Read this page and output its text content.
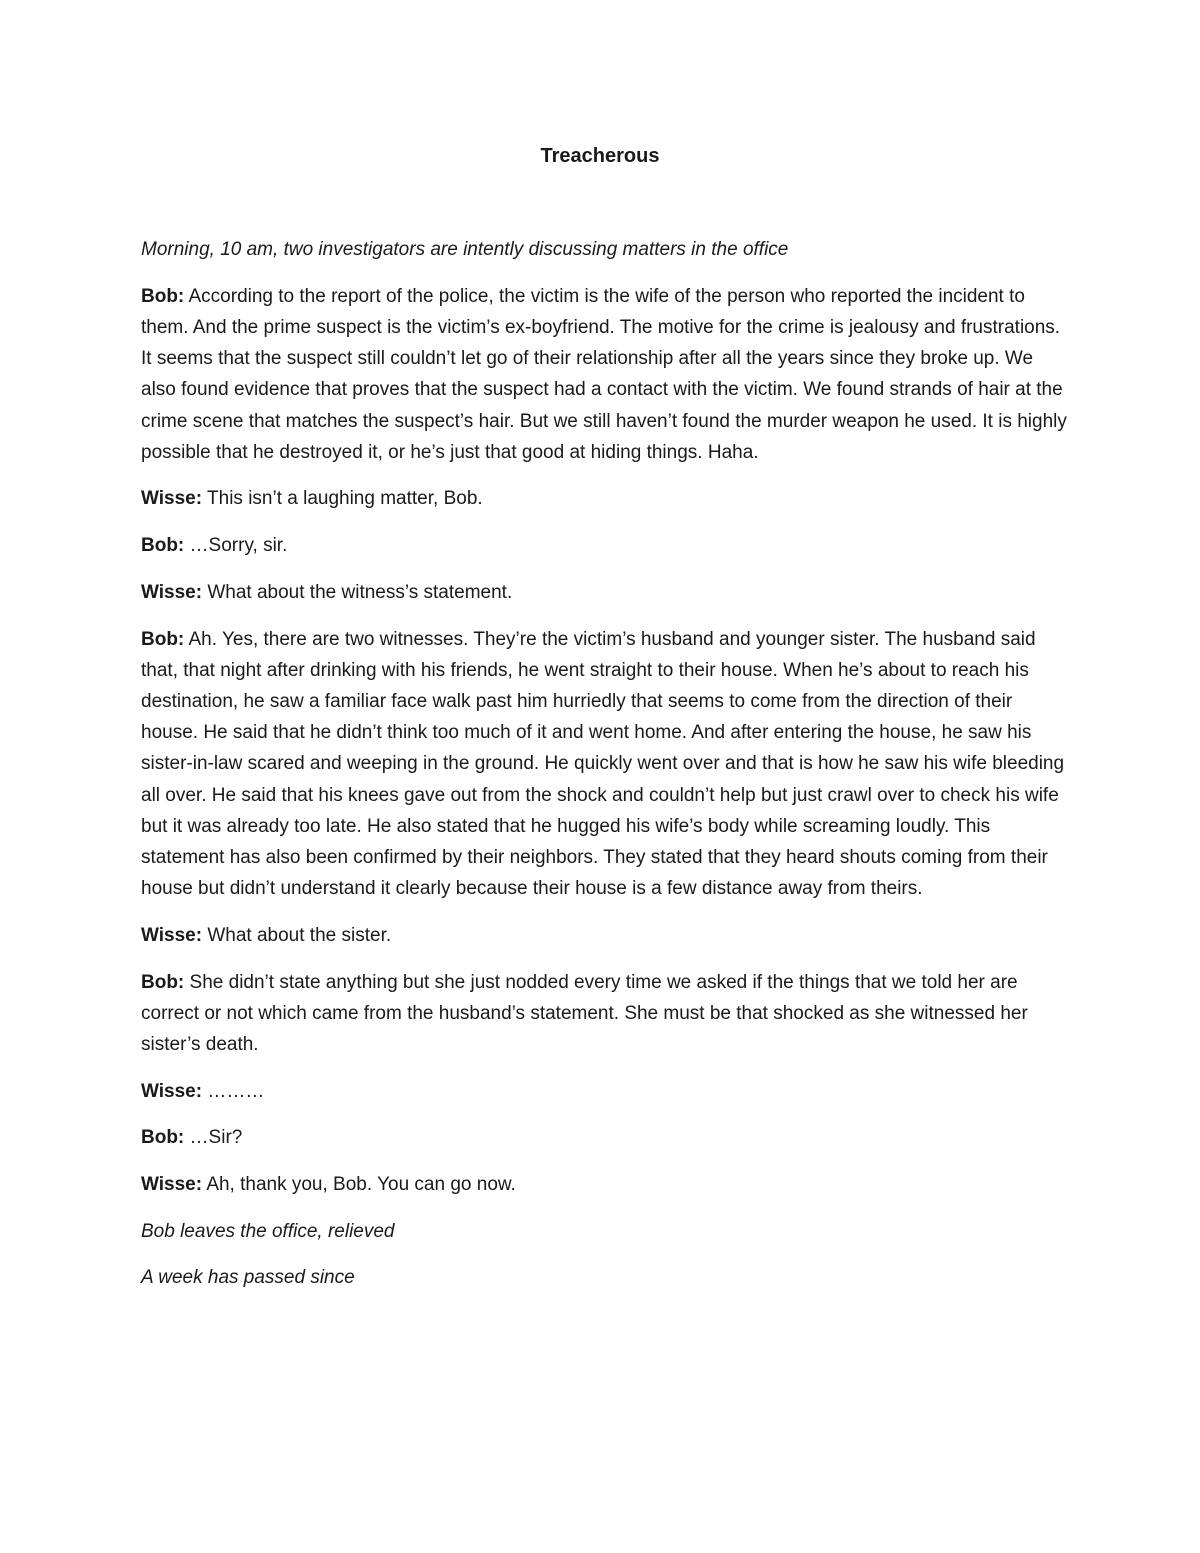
Treacherous

Morning, 10 am, two investigators are intently discussing matters in the office

Bob: According to the report of the police, the victim is the wife of the person who reported the incident to them. And the prime suspect is the victim’s ex-boyfriend. The motive for the crime is jealousy and frustrations. It seems that the suspect still couldn’t let go of their relationship after all the years since they broke up. We also found evidence that proves that the suspect had a contact with the victim. We found strands of hair at the crime scene that matches the suspect’s hair. But we still haven’t found the murder weapon he used. It is highly possible that he destroyed it, or he’s just that good at hiding things. Haha.

Wisse: This isn’t a laughing matter, Bob.

Bob: …Sorry, sir.

Wisse: What about the witness’s statement.

Bob: Ah. Yes, there are two witnesses. They’re the victim’s husband and younger sister. The husband said that, that night after drinking with his friends, he went straight to their house. When he’s about to reach his destination, he saw a familiar face walk past him hurriedly that seems to come from the direction of their house. He said that he didn’t think too much of it and went home. And after entering the house, he saw his sister-in-law scared and weeping in the ground. He quickly went over and that is how he saw his wife bleeding all over. He said that his knees gave out from the shock and couldn’t help but just crawl over to check his wife but it was already too late. He also stated that he hugged his wife’s body while screaming loudly. This statement has also been confirmed by their neighbors. They stated that they heard shouts coming from their house but didn’t understand it clearly because their house is a few distance away from theirs.

Wisse: What about the sister.

Bob: She didn’t state anything but she just nodded every time we asked if the things that we told her are correct or not which came from the husband’s statement. She must be that shocked as she witnessed her sister’s death.

Wisse: ………

Bob: …Sir?

Wisse: Ah, thank you, Bob. You can go now.

Bob leaves the office, relieved

A week has passed since
